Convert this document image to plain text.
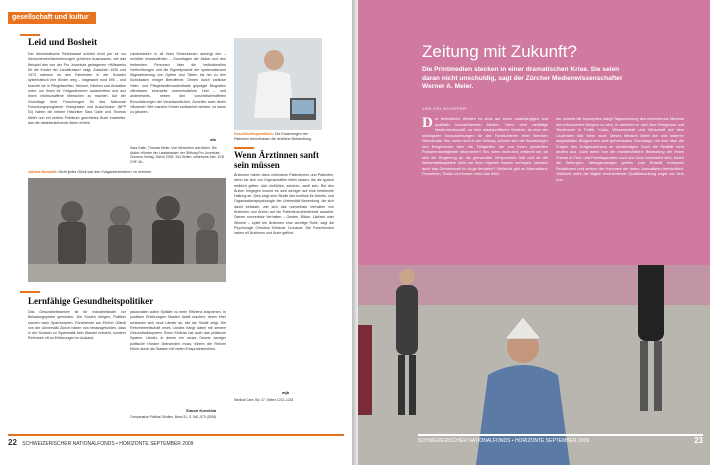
gesellschaft und kultur
Leid und Bosheit
Der demokratische Rechtsstaat schützt nicht per se vor Menschenrechtsverletzungen gröberen Ausmasses, wie das Beispiel des von der Pro Juventute getragenen «Hilfswerks für die Kinder der Landstrasse» zeigt. Zwischen 1926 und 1973 nahmen es den Fahrenden in der Schweiz systematisch ihre Kinder weg – insgesamt rund 590 – und brachte sie in Pflegefamilien, Heimen, Kliniken und Anstalten unter, um ihnen ihr «Vagantentum» auszutreiben und aus ihnen rechtschaffene Menschen zu machen. Auf der Grundlage ihrer Forschungen für das Nationale Forschungsprogramm «Integration und Ausschluss» (NFP 51) haben die beiden Historiker Sara Galle und Thomas Meier nun ein breites Publikum gerichtetes Buch erarbeitet, das die dahinterstehende Akten erhebt.
Landstrasse» in all ihren Dimensionen aufzeigt den – rechtlich einwandfreien – Grundlagen der Aktion und den treibenden Personen über die institutionellen Verflechtungen und die Eigendynamik der systematischen Stigmatisierung von Opfern und Tätern bis hin zu den Schicksalen einiger Betroffener. Denen durch zahllose Heim- und Pflegefamilienaufenthalte geprägte Biografien offenbaren einerseits unermessliches Leid – und andererseits, neben den vorurteilsbehafteten Einschätzungen der Verantwortlichen, Zuweilen auch deren «Bosheit» Wie manche Kinder schikaniert werden, ist kaum zu glauben.
sfa
Sara Galle, Thomas Meier: Von Menschen und Akten. Die Aktion «Kinder der Landstrasse» der Stiftung Pro Juventute. Chronos-Verlag, Zürich 2009. 344 Seiten, zahlreiche Abb. ZVD CHF 46.–
Juliana Munoniti: Nicht jedes Glück war den «Vagantenkindern» zu nehmen.
Geschlechtsspezifisch: Die Erwartungen der Patienten beeinflussen die ärztliche Behandlung.
Wenn Ärztinnen sanft sein müssen
Ärztinnen haben dann zufriedene Patientinnen und Patienten, wenn sie sich von Eigenschaften leiten lassen, die als typisch weiblich gelten: sich einfühlen, zuhören, sanft sein. Bei den Ärzten hingegen kommt es weit weniger auf eine bestimmte Haltung an. Dies zeigt eine Studie des Instituts für Arbeits- und Organisationspsychologie der Universität Neuenburg, die sich damit befasste, wie sich das nonverbale Verhalten von Ärztinnen und Ärzten auf die Patientenzufriedenheit auswirkt. Dienen nonverbale Verhalten – Gesten, Blicke, Lächeln oder Stimme – spielt bei Ärztinnen eine wichtige Rolle, sagt die Psychologin Christina Klöckner Cronauer. Die Forschenden haben elf Ärztinnen und Ärzte gefilmt.
Lernfähige Gesundheitspolitiker
Das Gesundheitswesen ist für Industrieländer zur Belastungsprobe geworden. Die Kosten steigen, Politiker suchen nach Sparrezepten. Forschende am Ehrlich Gfändi von der Universität Zürich haben nun herausgefunden, dass in der Schweiz zu Systematik kein Wandel entsteht, sondern Reformen oft an Erfahrungen im Ausland.
pauschalen sollen Spitäler zu mehr Effizienz anspornen. In positiven Erfahrungen Staaten damit machen, deren eher schlossen sich neue Länder an, wie die Studie zeigt. Die Reformbereitschaft eines Landes hängt dabei mit seinem Gesundheitssystem. Einen Einfluss hat auch das politische System: Länder, in denen ein neues Gesetz weniger politische Hürden überwinden muss, führen die Reform früher durch als Staaten mit vielen Einspruchsrechten.
Simon Koechlin
Comparative Political Studies, Band 41, S. 540–573 (2008)
mjb
Medical Care, Bd. 47, Seiten 1212–1218
22 SCHWEIZERISCHER NATIONALFONDS • HORIZONTE SEPTEMBER 2009
Zeitung mit Zukunft?
Die Printmedien stecken in einer dramatischen Krise. Sie seien daran nicht unschuldig, sagt der Zürcher Medienwissenschafter Werner A. Meier.
VON ORI SCHIPPER
Der freiheitliche Westen ist stolz auf seine unabhängigen und qualitativ hochstehenden Medien. Denn eine vielfältige Medienlandschaft, so eine staatspolitische Maxime, ist eine der wichtigsten Voraussetzungen für das Funktionieren einer liberalen Demokratie. Wo, wenn nicht in der Zeitung, können sich die Staatsbürger und Bürgerinnen über die Tätigkeiten der von ihnen gewählten Parlamentsmitglieder informieren? Wo, wenn nicht dort, erfahren sie, ob sich die Regierung an die gemachten Versprechen hält und ob die Wirtschaftskapitäne nicht nur ihren eigenen Nutzen verfolgen, sondern auch das Gemeinwohl im Auge behalten? Vielleicht gibt es Alternativen: Fernsehen, Radio und immer mehr das Web.
ner scheint die konzeptlos hängt Tagesordnung des herrschende Medium des informierten Bürgers zu sein, in welchem er sich über Ereignisse und Tendenzen in Politik, Kultur, Wissenschaft und Wirtschaft auf dem Laufenden hält. Mehr noch: Dieses Medium bietet ihm und anderen aufgeklärten Bürgerinnen eine gemeinsame Grundlage, um sich über die Fragen des Zeitgeschehens zu verständigen. Doch die Realität sieht anders aus. Auch wenn nun die marktrechtliche Bedeutung der freien Presse in Fest- und Feiertagsreden noch und noch beschwört wird, leiden die Zeitungen. Verlagsmanager greifen zum Rotstift, entlassen Redaktoren und senken die Honorare der freien Journalisten beträchtlich. Vielleicht steht die täglich erscheinende Qualitätszeitung sogar vor dem Aus.
SCHWEIZERISCHER NATIONALFONDS • HORIZONTE SEPTEMBER 2009	23
